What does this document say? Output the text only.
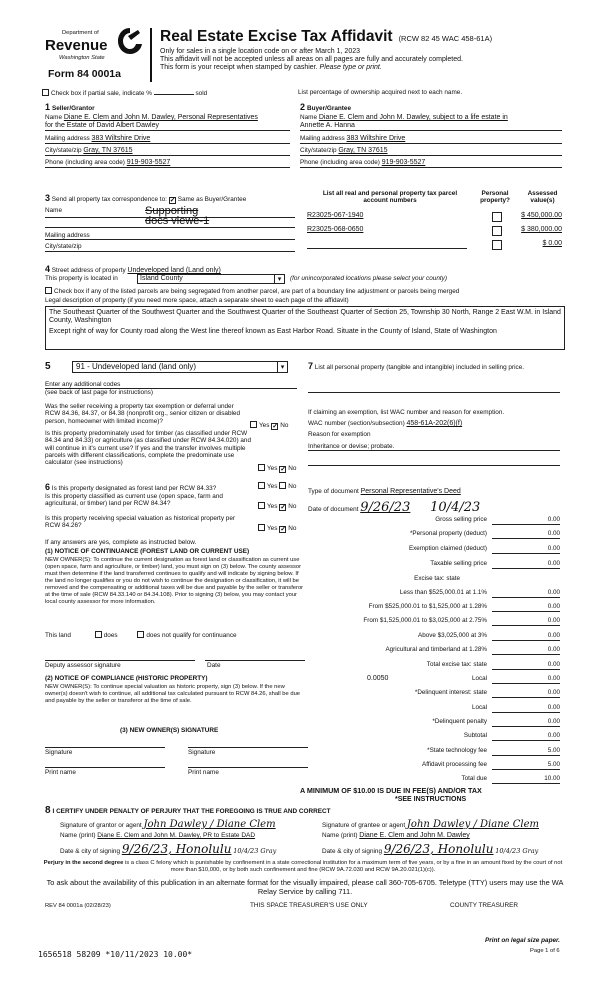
Department of
Revenue
Washington State
Form 84 0001a
Real Estate Excise Tax Affidavit (RCW 82 45 WAC 458-61A)
Only for sales in a single location code on or after March 1, 2023
This affidavit will not be accepted unless all areas on all pages are fully and accurately completed.
This form is your receipt when stamped by cashier. Please type or print.
Check box if partial sale, indicate %	sold	List percentage of ownership acquired next to each name.
1 Seller/Grantor
Name Diane E. Clem and John M. Dawley, Personal Representatives
for the Estate of David Albert Dawley
Mailing address 383 Wiltshire Drive
City/state/zip Gray, TN 37615
Phone (including area code) 919-903-5527
2 Buyer/Grantee
Name Diane E. Clem and John M. Dawley, subject to a life estate in
Annette A. Hanna
Mailing address 383 Wiltshire Drive
City/state/zip Gray, TN 37615
Phone (including area code) 919-903-5527
3 Send all property tax correspondence to: ✓ Same as Buyer/Grantee
Name	Supporting
docs viewe-1
Mailing address
City/state/zip
List all real and personal property tax parcel account numbers
Personal property?
Assessed value(s)
R23025-067-1940	$ 450,000.00
R23025-068-0650	$ 380,000.00
$ 0.00
4 Street address of property Undeveloped land (Land only)
This property is located in	Island County	▾	(for unincorporated locations please select your county)
Check box if any of the listed parcels are being segregated from another parcel, are part of a boundary line adjustment or parcels being merged
Legal description of property (if you need more space, attach a separate sheet to each page of the affidavit)
The Southeast Quarter of the Southwest Quarter and the Southwest Quarter of the Southeast Quarter of Section 25, Township 30 North, Range 2 East W.M. in Island County, Washington
Except right of way for County road along the West line thereof known as East Harbor Road. Situate in the County of Island, State of Washington
5	91 - Undeveloped land (land only)	▾
Enter any additional codes
(see back of last page for instructions)
Was the seller receiving a property tax exemption or deferral under RCW 84.36, 84.37, or 84.38 (nonprofit org., senior citizen or disabled person, homeowner with limited income)?
Yes ✓ No
Is this property predominately used for timber (as classified under RCW 84.34 and 84.33) or agriculture (as classified under RCW 84.34.020) and will continue in it's current use? If yes and the transfer involves multiple parcels with different classifications, complete the predominate use calculator (see instructions)
Yes ✓ No
6 Is this property designated as forest land per RCW 84.33?	Yes No
Is this property classified as current use (open space, farm and agricultural, or timber) land per RCW 84.34?	Yes ✓ No
Is this property receiving special valuation as historical property per RCW 84.26?	Yes ✓ No
If any answers are yes, complete as instructed below.
(1) NOTICE OF CONTINUANCE (FOREST LAND OR CURRENT USE)
NEW OWNER(S): To continue the current designation as forest land or classification as current use (open space, farm and agriculture, or timber) land, you must sign on (3) below. The county assessor must then determine if the land transferred continues to qualify and will indicate by signing below. If the land no longer qualifies or you do not wish to continue the designation or classification, it will be removed and the compensating or additional taxes will be due and payable by the seller or transferor at the time of sale (RCW 84.33.140 or 84.34.108). Prior to signing (3) below, you may contact your local county assessor for more information.
This land	does	does not qualify for continuance
Deputy assessor signature	Date
(2) NOTICE OF COMPLIANCE (HISTORIC PROPERTY)
NEW OWNER(S): To continue special valuation as historic property, sign (3) below. If the new owner(s) doesn't wish to continue, all additional tax calculated pursuant to RCW 84.26, shall be due and payable by the seller or transferor at the time of sale.
(3) NEW OWNER(S) SIGNATURE
Signature	Signature
Print name	Print name
7 List all personal property (tangible and intangible) included in selling price.
If claiming an exemption, list WAC number and reason for exemption.
WAC number (section/subsection) 458-61A-202(6)(f)
Reason for exemption
Inheritance or devise; probate.
Type of document Personal Representative's Deed
Date of document 9/26/23 10/4/23
Gross selling price	0.00
*Personal property (deduct)	0.00
Exemption claimed (deduct)	0.00
Taxable selling price	0.00
Excise tax: state
Less than $525,000.01 at 1.1%	0.00
From $525,000.01 to $1,525,000 at 1.28%	0.00
From $1,525,000.01 to $3,025,000 at 2.75%	0.00
Above $3,025,000 at 3%	0.00
Agricultural and timberland at 1.28%	0.00
Total excise tax: state	0.00
0.0050	Local	0.00
*Delinquent interest: state	0.00
Local	0.00
*Delinquent penalty	0.00
Subtotal	0.00
*State technology fee	5.00
Affidavit processing fee	5.00
Total due	10.00
A MINIMUM OF $10.00 IS DUE IN FEE(S) AND/OR TAX
*SEE INSTRUCTIONS
8 I CERTIFY UNDER PENALTY OF PERJURY THAT THE FOREGOING IS TRUE AND CORRECT
Signature of grantor or agent John Dawley / Diane Clem
Name (print) Diane E. Clem and John M. Dawley, PR to Estate DAD
Date & city of signing 9/26/23, Honolulu 10/4/23 Gray
Signature of grantee or agent John Dawley / Diane Clem
Name (print) Diane E. Clem and John M. Dawley
Date & city of signing 9/26/23, Honolulu 10/4/23 Gray
Perjury in the second degree is a class C felony which is punishable by confinement in a state correctional institution for a maximum term of five years, or by a fine in an amount fixed by the court of not more than $10,000, or by both such confinement and fine (RCW 9A.72.030 and RCW 9A.20.021(1)(c)).
To ask about the availability of this publication in an alternate format for the visually impaired, please call 360-705-6705. Teletype (TTY) users may use the WA Relay Service by calling 711.
REV 84 0001a (02/28/23)	THIS SPACE TREASURER'S USE ONLY	COUNTY TREASURER
1656518 58209 *10/11/2023 10.00*
Print on legal size paper.
Page 1 of 6
